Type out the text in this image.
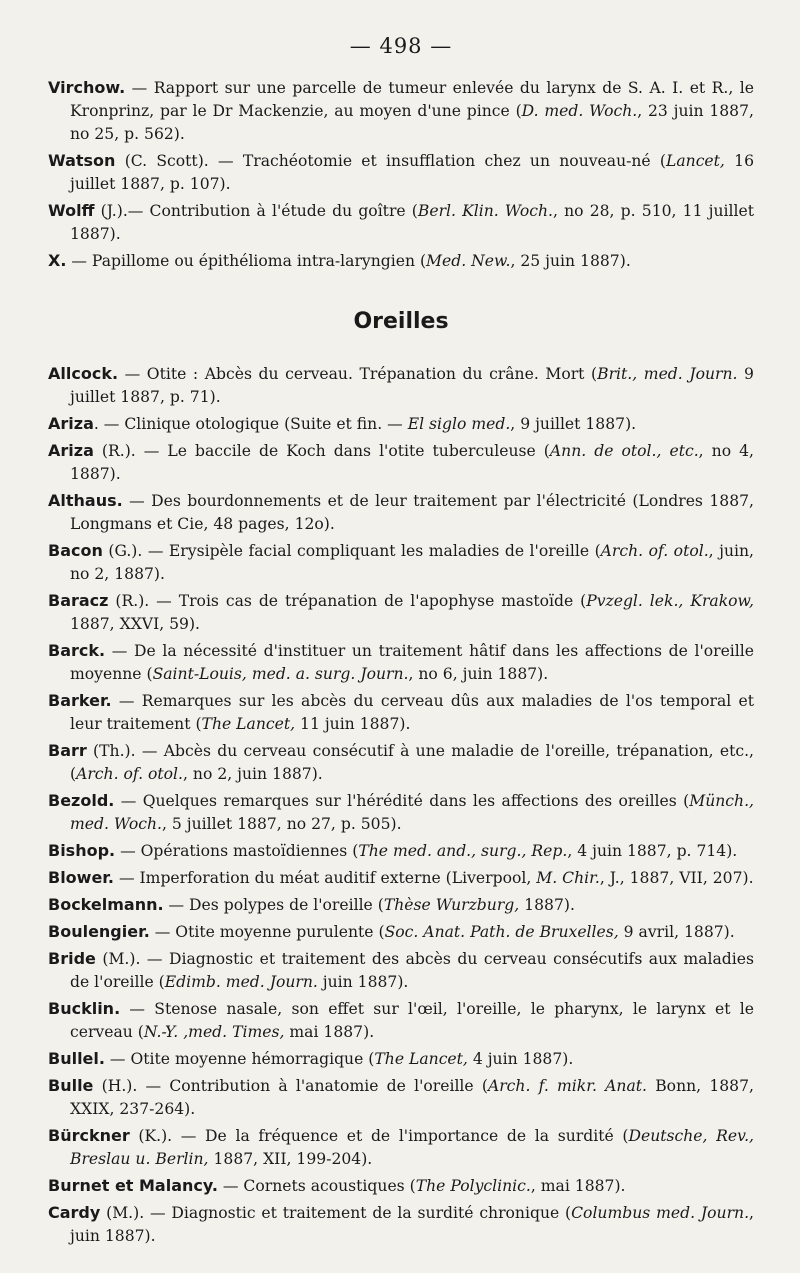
— 498 —

Virchow. — Rapport sur une parcelle de tumeur enlevée du larynx de S. A. I. et R., le Kronprinz, par le Dr Mackenzie, au moyen d'une pince (D. med. Woch., 23 juin 1887, no 25, p. 562).

Watson (C. Scott). — Trachéotomie et insufflation chez un nouveau-né (Lancet, 16 juillet 1887, p. 107).

Wolff (J.).— Contribution à l'étude du goître (Berl. Klin. Woch., no 28, p. 510, 11 juillet 1887).

X. — Papillome ou épithélioma intra-laryngien (Med. New., 25 juin 1887).

Oreilles

Allcock. — Otite : Abcès du cerveau. Trépanation du crâne. Mort (Brit., med. Journ. 9 juillet 1887, p. 71).

Ariza. — Clinique otologique (Suite et fin. — El siglo med., 9 juillet 1887).

Ariza (R.). — Le baccile de Koch dans l'otite tuberculeuse (Ann. de otol., etc., no 4, 1887).

Althaus. — Des bourdonnements et de leur traitement par l'électricité (Londres 1887, Longmans et Cie, 48 pages, 12o).

Bacon (G.). — Erysipèle facial compliquant les maladies de l'oreille (Arch. of. otol., juin, no 2, 1887).

Baracz (R.). — Trois cas de trépanation de l'apophyse mastoïde (Pvzegl. lek., Krakow, 1887, XXVI, 59).

Barck. — De la nécessité d'instituer un traitement hâtif dans les affections de l'oreille moyenne (Saint-Louis, med. a. surg. Journ., no 6, juin 1887).

Barker. — Remarques sur les abcès du cerveau dûs aux maladies de l'os temporal et leur traitement (The Lancet, 11 juin 1887).

Barr (Th.). — Abcès du cerveau consécutif à une maladie de l'oreille, trépanation, etc., (Arch. of. otol., no 2, juin 1887).

Bezold. — Quelques remarques sur l'hérédité dans les affections des oreilles (Münch., med. Woch., 5 juillet 1887, no 27, p. 505).

Bishop. — Opérations mastoïdiennes (The med. and., surg., Rep., 4 juin 1887, p. 714).

Blower. — Imperforation du méat auditif externe (Liverpool, M. Chir., J., 1887, VII, 207).

Bockelmann. — Des polypes de l'oreille (Thèse Wurzburg, 1887).

Boulengier. — Otite moyenne purulente (Soc. Anat. Path. de Bruxelles, 9 avril, 1887).

Bride (M.). — Diagnostic et traitement des abcès du cerveau consécutifs aux maladies de l'oreille (Edimb. med. Journ. juin 1887).

Bucklin. — Stenose nasale, son effet sur l'œil, l'oreille, le pharynx, le larynx et le cerveau (N.-Y. ,med. Times, mai 1887).

Bullel. — Otite moyenne hémorragique (The Lancet, 4 juin 1887).

Bulle (H.). — Contribution à l'anatomie de l'oreille (Arch. f. mikr. Anat. Bonn, 1887, XXIX, 237-264).

Bürckner (K.). — De la fréquence et de l'importance de la surdité (Deutsche, Rev., Breslau u. Berlin, 1887, XII, 199-204).

Burnet et Malancy. — Cornets acoustiques (The Polyclinic., mai 1887).

Cardy (M.). — Diagnostic et traitement de la surdité chronique (Columbus med. Journ., juin 1887).
